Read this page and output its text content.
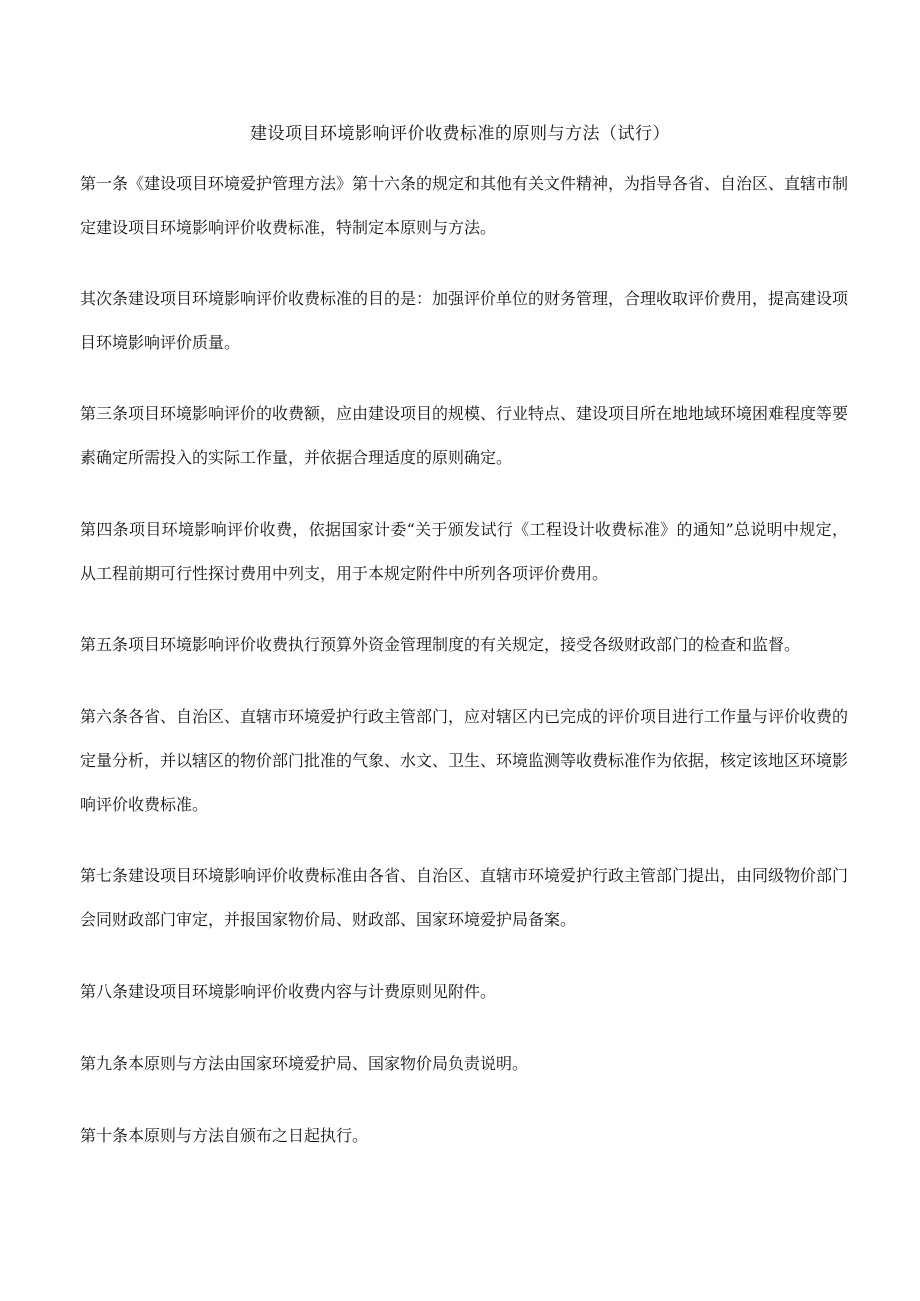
建设项目环境影响评价收费标准的原则与方法（试行）

第一条《建设项目环境爱护管理方法》第十六条的规定和其他有关文件精神，为指导各省、自治区、直辖市制定建设项目环境影响评价收费标准，特制定本原则与方法。

其次条建设项目环境影响评价收费标准的目的是：加强评价单位的财务管理，合理收取评价费用，提高建设项目环境影响评价质量。

第三条项目环境影响评价的收费额，应由建设项目的规模、行业特点、建设项目所在地地域环境困难程度等要素确定所需投入的实际工作量，并依据合理适度的原则确定。

第四条项目环境影响评价收费，依据国家计委“关于颁发试行《工程设计收费标准》的通知”总说明中规定，从工程前期可行性探讨费用中列支，用于本规定附件中所列各项评价费用。

第五条项目环境影响评价收费执行预算外资金管理制度的有关规定，接受各级财政部门的检查和监督。

第六条各省、自治区、直辖市环境爱护行政主管部门，应对辖区内已完成的评价项目进行工作量与评价收费的定量分析，并以辖区的物价部门批准的气象、水文、卫生、环境监测等收费标准作为依据，核定该地区环境影响评价收费标准。

第七条建设项目环境影响评价收费标准由各省、自治区、直辖市环境爱护行政主管部门提出，由同级物价部门会同财政部门审定，并报国家物价局、财政部、国家环境爱护局备案。

第八条建设项目环境影响评价收费内容与计费原则见附件。

第九条本原则与方法由国家环境爱护局、国家物价局负责说明。

第十条本原则与方法自颁布之日起执行。
